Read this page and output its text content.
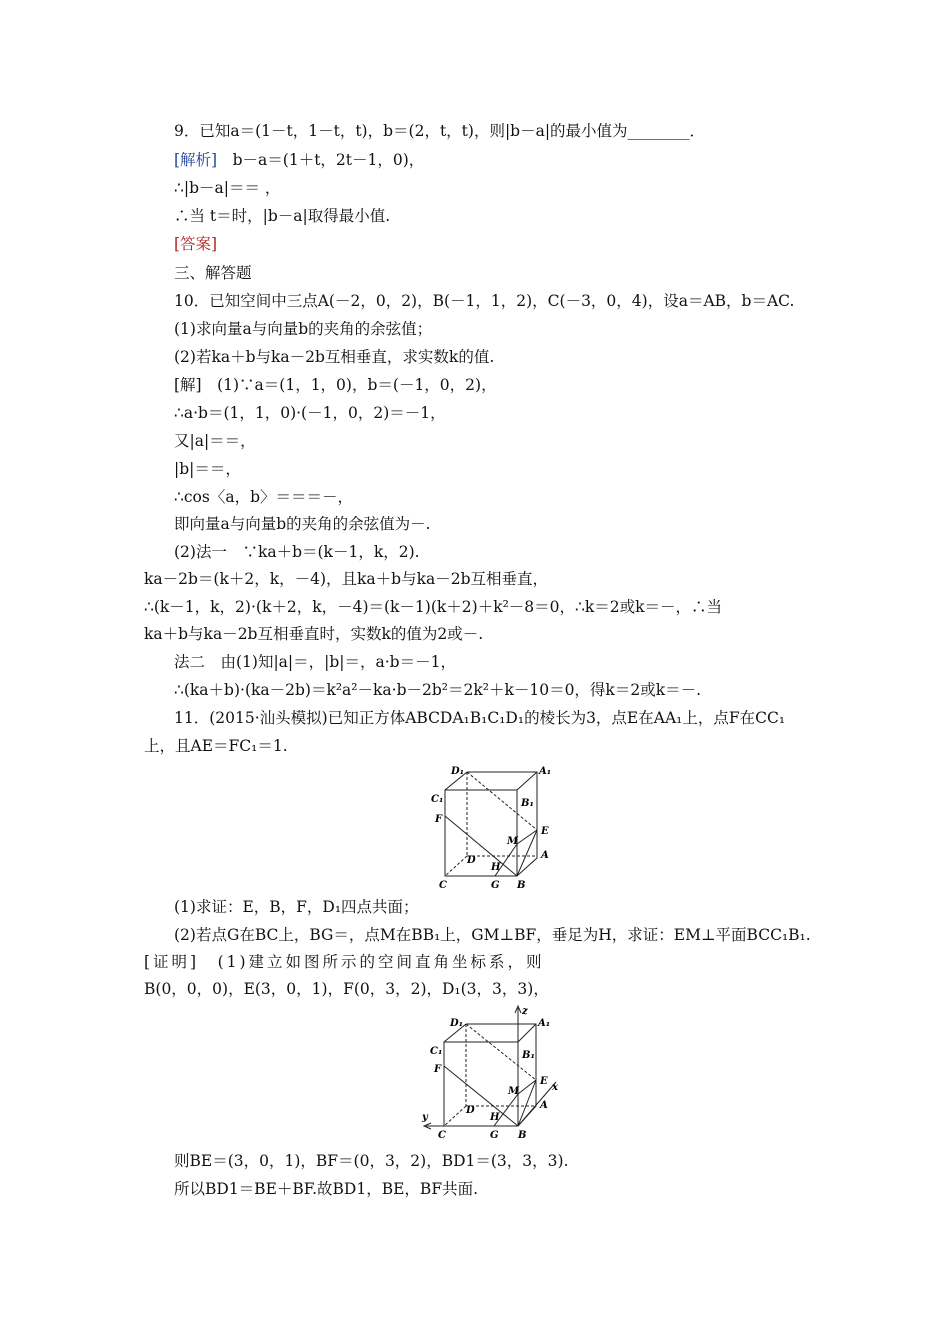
9．已知a＝(1－t，1－t，t)，b＝(2，t，t)，则|b－a|的最小值为________．
[解析]　 b－a＝(1＋t，2t－1，0)，
∴|b－a|＝＝ ，
∴当 t＝时，|b－a|取得最小值.
[答案]
三、解答题
10．已知空间中三点A(－2，0，2)，B(－1，1，2)，C(－3，0，4)，设a＝AB，b＝AC.
(1)求向量a与向量b的夹角的余弦值；
(2)若ka＋b与ka－2b互相垂直，求实数k的值.
[解]　(1)∵a＝(1，1，0)，b＝(－1，0，2)，
∴a·b＝(1，1，0)·(－1，0，2)＝－1，
又|a|＝＝，
|b|＝＝，
∴cos〈a，b〉＝＝＝－，
即向量a与向量b的夹角的余弦值为－.
(2)法一　∵ka＋b＝(k－1，k，2).
ka－2b＝(k＋2，k，－4)，且ka＋b与ka－2b互相垂直，
∴(k－1，k，2)·(k＋2，k，－4)＝(k－1)(k＋2)＋k²－8＝0，∴k＝2或k＝－，∴当
ka＋b与ka－2b互相垂直时，实数k的值为2或－.
法二　由(1)知|a|＝，|b|＝，a·b＝－1，
∴(ka＋b)·(ka－2b)＝k²a²－ka·b－2b²＝2k²＋k－10＝0，得k＝2或k＝－.
11．(2015·汕头模拟)已知正方体ABCDA₁B₁C₁D₁的棱长为3，点E在AA₁上，点F在CC₁
上，且AE＝FC₁＝1.
D₁	A₁
C₁	B₁
F
E
M
D
H
A
C	G B
(1)求证：E，B，F，D₁四点共面；
(2)若点G在BC上，BG＝，点M在BB₁上，GM⊥BF，垂足为H，求证：EM⊥平面BCC₁B₁.
[证明]　(1)建立如图所示的空间直角坐标系，则
B(0，0，0)，E(3，0，1)，F(0，3，2)，D₁(3，3，3)，
z
y
x
D₁	A₁
C₁	B₁
F
E
M
D
H
A
C	G B
则BE＝(3，0，1)，BF＝(0，3，2)，BD1＝(3，3，3).
所以BD1＝BE＋BF.故BD1，BE，BF共面.
